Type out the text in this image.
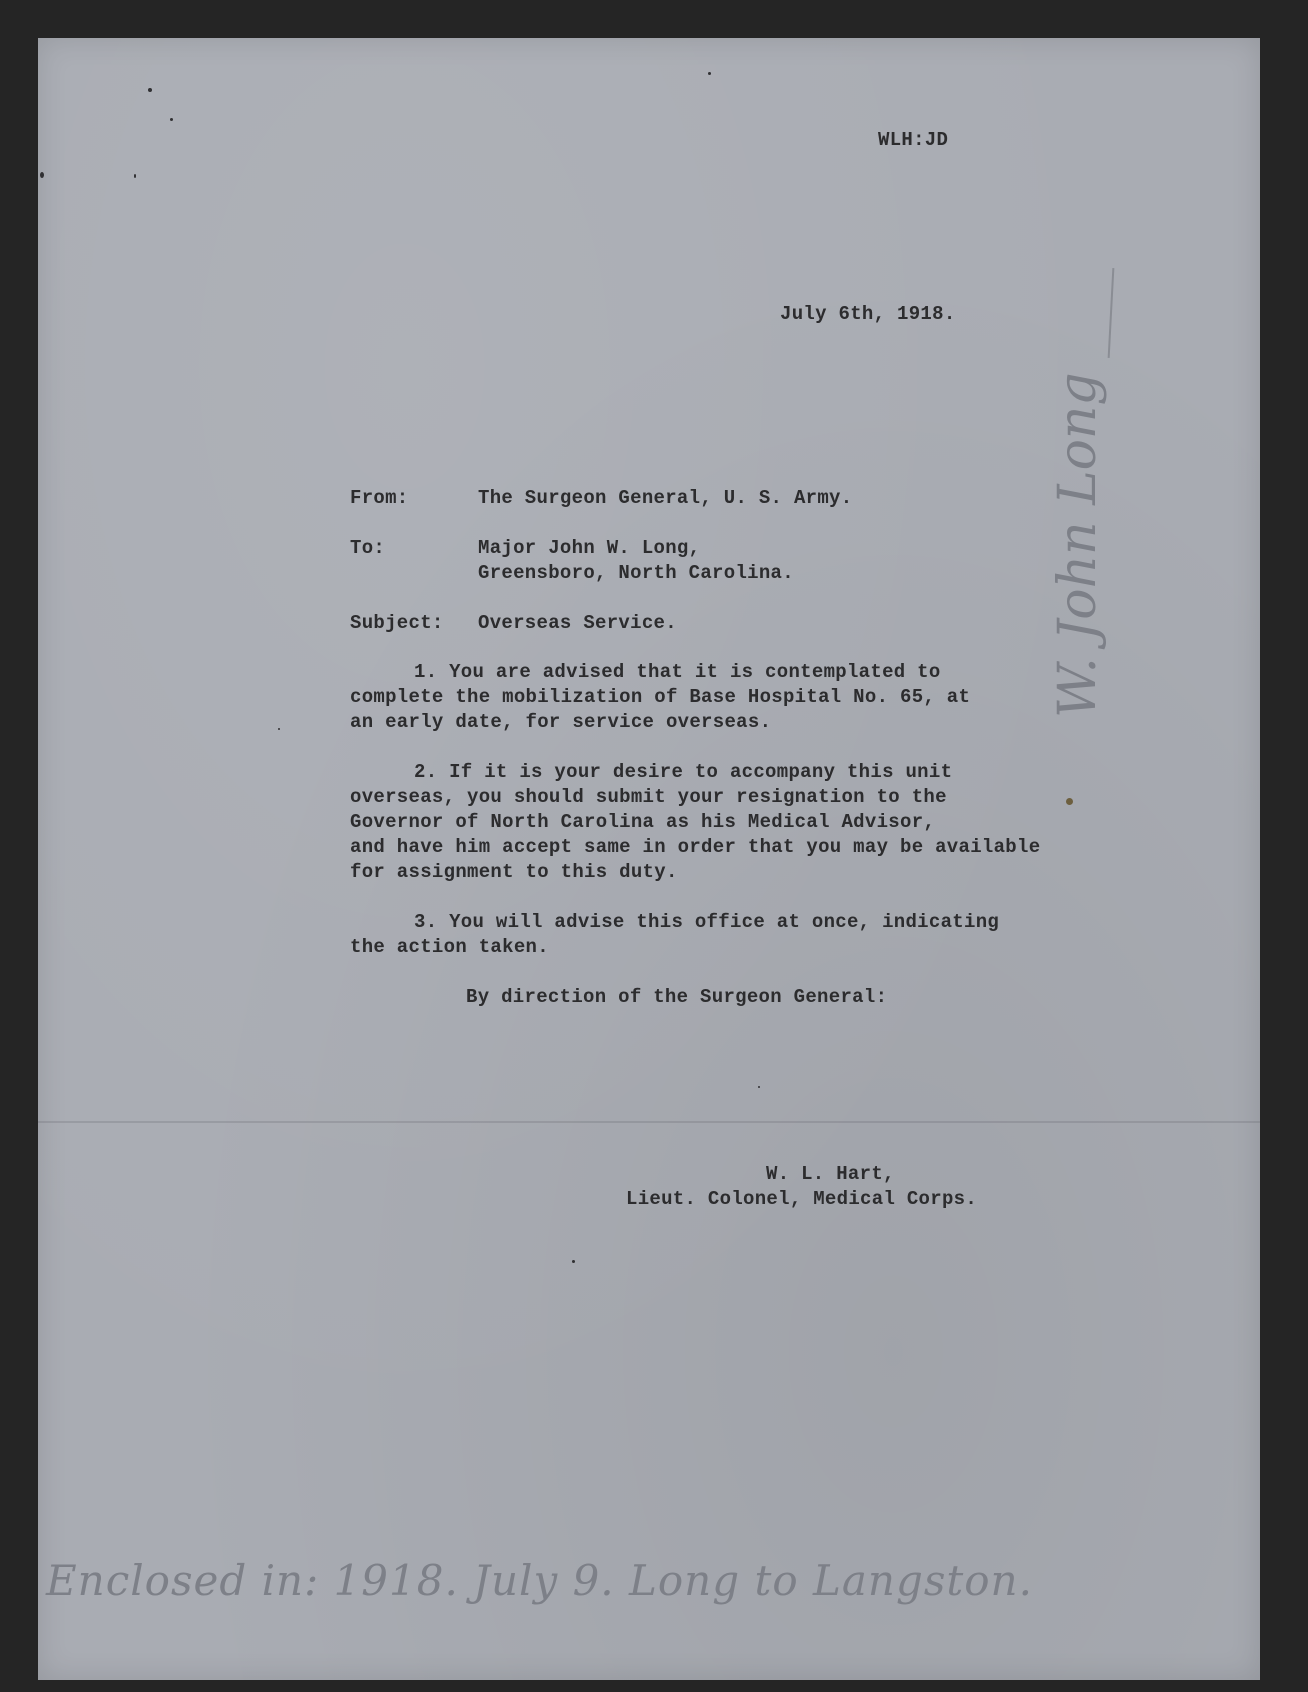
WLH:JD
July 6th, 1918.
From:	The Surgeon General, U. S. Army.
To:	Major John W. Long,
Greensboro, North Carolina.
Subject: Overseas Service.
1. You are advised that it is contemplated to
complete the mobilization of Base Hospital No. 65, at
an early date, for service overseas.
2. If it is your desire to accompany this unit
overseas, you should submit your resignation to the
Governor of North Carolina as his Medical Advisor,
and have him accept same in order that you may be available
for assignment to this duty.
3. You will advise this office at once, indicating
the action taken.
By direction of the Surgeon General:
W. L. Hart,
Lieut. Colonel, Medical Corps.
W. John Long
Enclosed in: 1918. July 9. Long to Langston.
